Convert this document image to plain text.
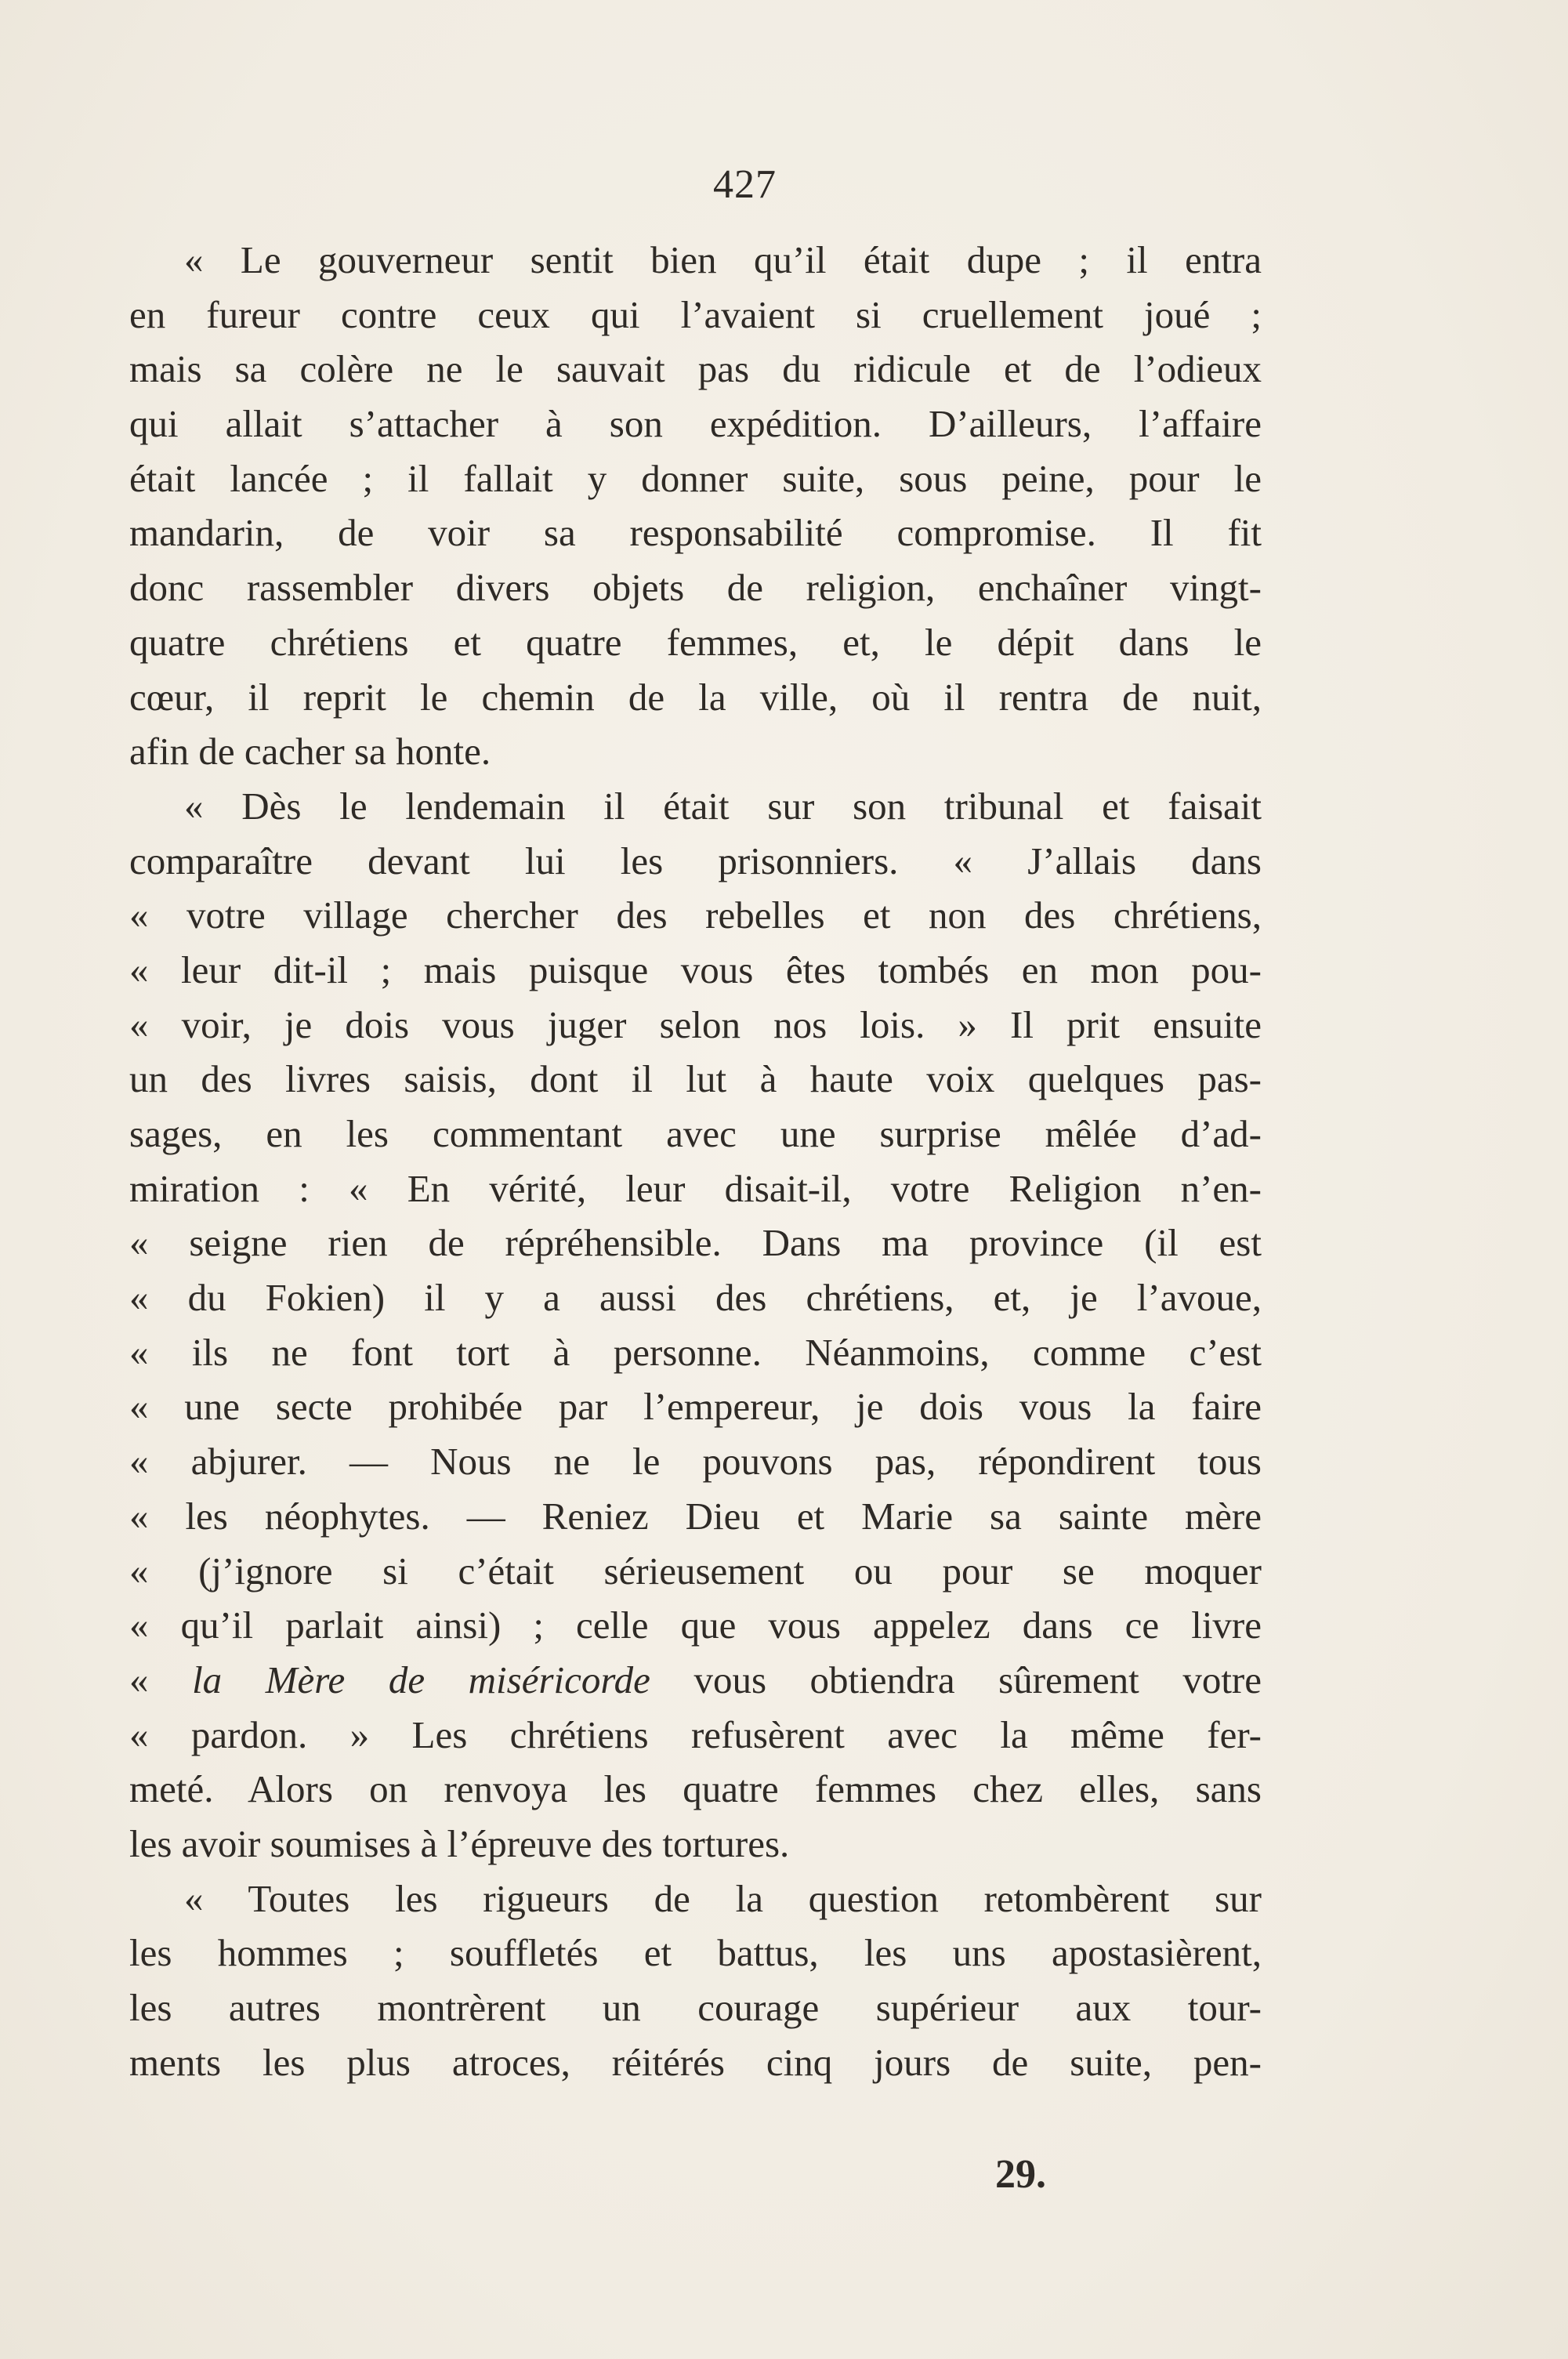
427
« Le gouverneur sentit bien qu’il était dupe ; il entra
en fureur contre ceux qui l’avaient si cruellement joué ;
mais sa colère ne le sauvait pas du ridicule et de l’odieux
qui allait s’attacher à son expédition. D’ailleurs, l’affaire
était lancée ; il fallait y donner suite, sous peine, pour le
mandarin, de voir sa responsabilité compromise. Il fit
donc rassembler divers objets de religion, enchaîner vingt-
quatre chrétiens et quatre femmes, et, le dépit dans le
cœur, il reprit le chemin de la ville, où il rentra de nuit,
afin de cacher sa honte.
« Dès le lendemain il était sur son tribunal et faisait
comparaître devant lui les prisonniers. « J’allais dans
« votre village chercher des rebelles et non des chrétiens,
« leur dit-il ; mais puisque vous êtes tombés en mon pou-
« voir, je dois vous juger selon nos lois. » Il prit ensuite
un des livres saisis, dont il lut à haute voix quelques pas-
sages, en les commentant avec une surprise mêlée d’ad-
miration : « En vérité, leur disait-il, votre Religion n’en-
« seigne rien de répréhensible. Dans ma province (il est
« du Fokien) il y a aussi des chrétiens, et, je l’avoue,
« ils ne font tort à personne. Néanmoins, comme c’est
« une secte prohibée par l’empereur, je dois vous la faire
« abjurer. — Nous ne le pouvons pas, répondirent tous
« les néophytes. — Reniez Dieu et Marie sa sainte mère
« (j’ignore si c’était sérieusement ou pour se moquer
« qu’il parlait ainsi) ; celle que vous appelez dans ce livre
« la Mère de miséricorde vous obtiendra sûrement votre
« pardon. » Les chrétiens refusèrent avec la même fer-
meté. Alors on renvoya les quatre femmes chez elles, sans
les avoir soumises à l’épreuve des tortures.
« Toutes les rigueurs de la question retombèrent sur
les hommes ; souffletés et battus, les uns apostasièrent,
les autres montrèrent un courage supérieur aux tour-
ments les plus atroces, réitérés cinq jours de suite, pen-
29.
